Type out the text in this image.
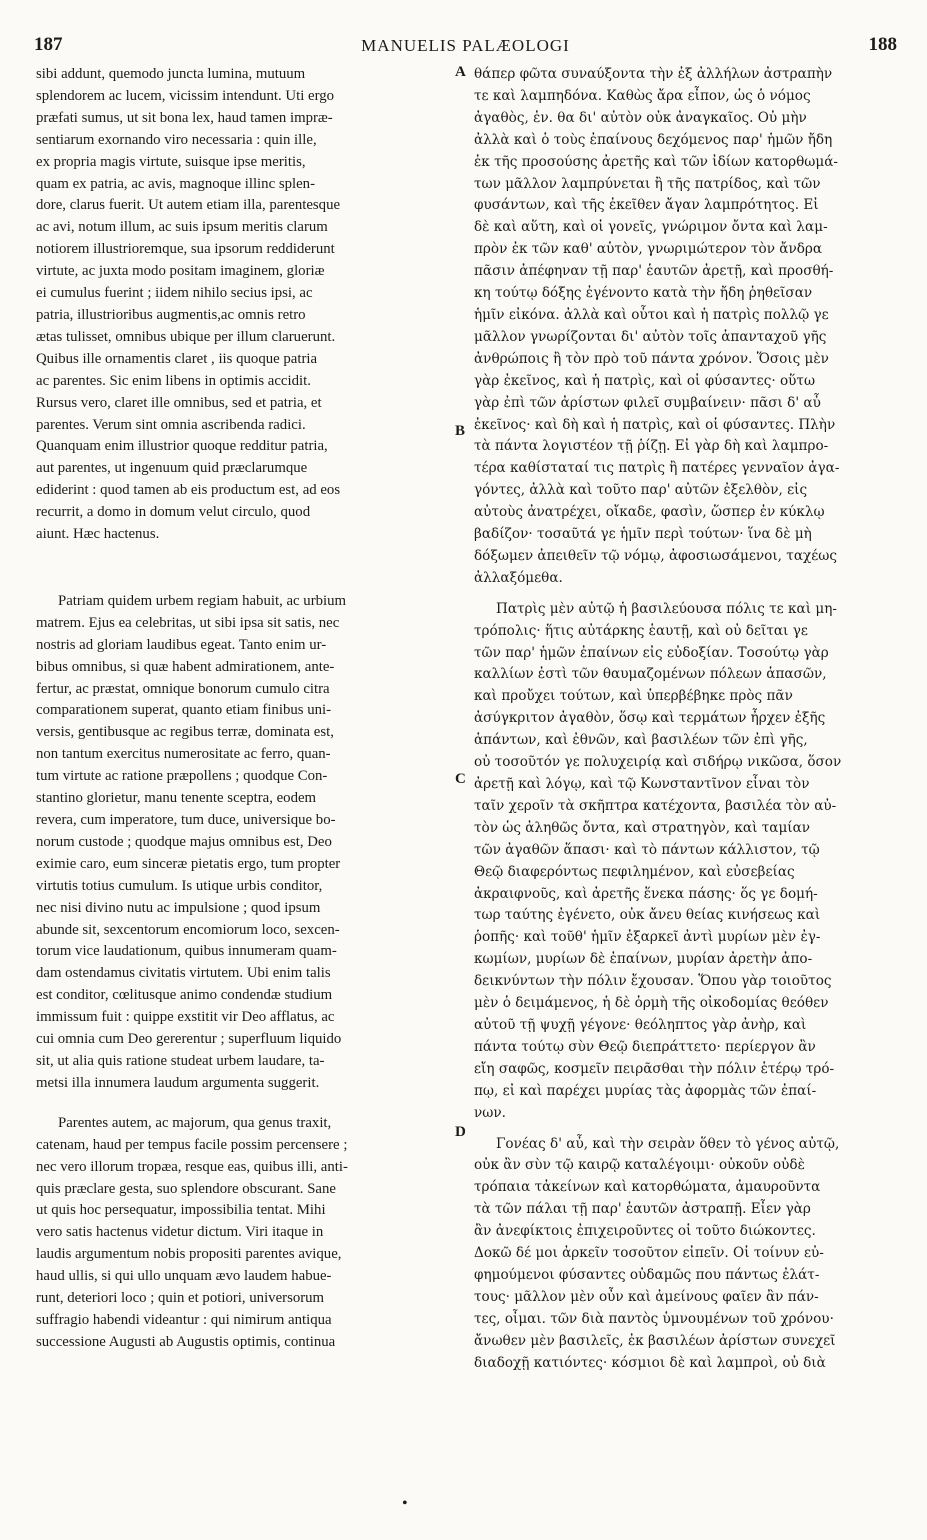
187	MANUELIS PALÆOLOGI	188
A
B
C
D
sibi addunt, quemodo juncta lumina, mutuum
splendorem ac lucem, vicissim intendunt. Uti ergo
præfati sumus, ut sit bona lex, haud tamen impræ-
sentiarum exornando viro necessaria : quin ille,
ex propria magis virtute, suisque ipse meritis,
quam ex patria, ac avis, magnoque illinc splen-
dore, clarus fuerit. Ut autem etiam illa, parentesque
ac avi, notum illum, ac suis ipsum meritis clarum
notiorem illustrioremque, sua ipsorum reddiderunt
virtute, ac juxta modo positam imaginem, gloriæ
ei cumulus fuerint ; iidem nihilo secius ipsi, ac
patria, illustrioribus augmentis,ac omnis retro
ætas tulisset, omnibus ubique per illum claruerunt.
Quibus ille ornamentis claret , iis quoque patria
ac parentes. Sic enim libens in optimis accidit.
Rursus vero, claret ille omnibus, sed et patria, et
parentes. Verum sint omnia ascribenda radici.
Quanquam enim illustrior quoque redditur patria,
aut parentes, ut ingenuum quid præclarumque
ediderint : quod tamen ab eis productum est, ad eos
recurrit, a domo in domum velut circulo, quod
aiunt. Hæc hactenus.
Patriam quidem urbem regiam habuit, ac urbium
matrem. Ejus ea celebritas, ut sibi ipsa sit satis, nec
nostris ad gloriam laudibus egeat. Tanto enim ur-
bibus omnibus, si quæ habent admirationem, ante-
fertur, ac præstat, omnique bonorum cumulo citra
comparationem superat, quanto etiam finibus uni-
versis, gentibusque ac regibus terræ, dominata est,
non tantum exercitus numerositate ac ferro, quan-
tum virtute ac ratione præpollens ; quodque Con-
stantino glorietur, manu tenente sceptra, eodem
revera, cum imperatore, tum duce, universique bo-
norum custode ; quodque majus omnibus est, Deo
eximie caro, eum sinceræ pietatis ergo, tum propter
virtutis totius cumulum. Is utique urbis conditor,
nec nisi divino nutu ac impulsione ; quod ipsum
abunde sit, sexcentorum encomiorum loco, sexcen-
torum vice laudationum, quibus innumeram quam-
dam ostendamus civitatis virtutem. Ubi enim talis
est conditor, cœlitusque animo condendæ studium
immissum fuit : quippe exstitit vir Deo afflatus, ac
cui omnia cum Deo gererentur ; superfluum liquido
sit, ut alia quis ratione studeat urbem laudare, ta-
metsi illa innumera laudum argumenta suggerit.
Parentes autem, ac majorum, qua genus traxit,
catenam, haud per tempus facile possim percensere ;
nec vero illorum tropæa, resque eas, quibus illi, anti-
quis præclare gesta, suo splendore obscurant. Sane
ut quis hoc persequatur, impossibilia tentat. Mihi
vero satis hactenus videtur dictum. Viri itaque in
laudis argumentum nobis propositi parentes avique,
haud ullis, si qui ullo unquam ævo laudem habue-
runt, deteriori loco ; quin et potiori, universorum
suffragio habendi videantur : qui nimirum antiqua
successione Augusti ab Augustis optimis, continua
θάπερ φῶτα συναύξοντα τὴν ἐξ ἀλλήλων ἀστραπὴν
τε καὶ λαμπηδόνα. Καθὼς ἄρα εἶπον, ὡς ὁ νόμος
ἀγαθὸς, ἐν. θα δι' αὐτὸν οὐκ ἀναγκαῖος. Οὐ μὴν
ἀλλὰ καὶ ὁ τοὺς ἐπαίνους δεχόμενος παρ' ἡμῶν ἤδη
ἐκ τῆς προσούσης ἀρετῆς καὶ τῶν ἰδίων κατορθωμά-
των μᾶλλον λαμπρύνεται ἢ τῆς πατρίδος, καὶ τῶν
φυσάντων, καὶ τῆς ἐκεῖθεν ἄγαν λαμπρότητος. Εἰ
δὲ καὶ αὕτη, καὶ οἱ γονεῖς, γνώριμον ὄντα καὶ λαμ-
πρὸν ἐκ τῶν καθ' αὑτὸν, γνωριμώτερον τὸν ἄνδρα
πᾶσιν ἀπέφηναν τῇ παρ' ἑαυτῶν ἀρετῇ, καὶ προσθή-
κη τούτῳ δόξης ἐγένοντο κατὰ τὴν ἤδη ῥηθεῖσαν
ἡμῖν εἰκόνα. ἀλλὰ καὶ οὗτοι καὶ ἡ πατρὶς πολλῷ γε
μᾶλλον γνωρίζονται δι' αὐτὸν τοῖς ἁπανταχοῦ γῆς
ἀνθρώποις ἢ τὸν πρὸ τοῦ πάντα χρόνον. Ὅσοις μὲν
γὰρ ἐκεῖνος, καὶ ἡ πατρὶς, καὶ οἱ φύσαντες· οὕτω
γὰρ ἐπὶ τῶν ἀρίστων φιλεῖ συμβαίνειν· πᾶσι δ' αὖ
ἐκεῖνος· καὶ δὴ καὶ ἡ πατρὶς, καὶ οἱ φύσαντες. Πλὴν
τὰ πάντα λογιστέον τῇ ῥίζῃ. Εἰ γὰρ δὴ καὶ λαμπρο-
τέρα καθίσταταί τις πατρὶς ἢ πατέρες γενναῖον ἀγα-
γόντες, ἀλλὰ καὶ τοῦτο παρ' αὐτῶν ἐξελθὸν, εἰς
αὐτοὺς ἀνατρέχει, οἴκαδε, φασὶν, ὥσπερ ἐν κύκλῳ
βαδίζον· τοσαῦτά γε ἡμῖν περὶ τούτων· ἵνα δὲ μὴ
δόξωμεν ἀπειθεῖν τῷ νόμῳ, ἀφοσιωσάμενοι, ταχέως
ἀλλαξόμεθα.
Πατρὶς μὲν αὐτῷ ἡ βασιλεύουσα πόλις τε καὶ μη-
τρόπολις· ἥτις αὐτάρκης ἑαυτῇ, καὶ οὐ δεῖται γε
τῶν παρ' ἡμῶν ἐπαίνων εἰς εὐδοξίαν. Τοσούτῳ γὰρ
καλλίων ἐστὶ τῶν θαυμαζομένων πόλεων ἁπασῶν,
καὶ προὔχει τούτων, καὶ ὑπερβέβηκε πρὸς πᾶν
ἀσύγκριτον ἀγαθὸν, ὅσῳ καὶ τερμάτων ἦρχεν ἐξῆς
ἁπάντων, καὶ ἐθνῶν, καὶ βασιλέων τῶν ἐπὶ γῆς,
οὐ τοσοῦτόν γε πολυχειρίᾳ καὶ σιδήρῳ νικῶσα, ὅσον
ἀρετῇ καὶ λόγῳ, καὶ τῷ Κωνσταντῖνον εἶναι τὸν
ταῖν χεροῖν τὰ σκῆπτρα κατέχοντα, βασιλέα τὸν αὐ-
τὸν ὡς ἀληθῶς ὄντα, καὶ στρατηγὸν, καὶ ταμίαν
τῶν ἀγαθῶν ἅπασι· καὶ τὸ πάντων κάλλιστον, τῷ
Θεῷ διαφερόντως πεφιλημένον, καὶ εὐσεβείας
ἀκραιφνοῦς, καὶ ἀρετῆς ἕνεκα πάσης· ὅς γε δομή-
τωρ ταύτης ἐγένετο, οὐκ ἄνευ θείας κινήσεως καὶ
ῥοπῆς· καὶ τοῦθ' ἡμῖν ἐξαρκεῖ ἀντὶ μυρίων μὲν ἐγ-
κωμίων, μυρίων δὲ ἐπαίνων, μυρίαν ἀρετὴν ἀπο-
δεικνύντων τὴν πόλιν ἔχουσαν. Ὅπου γὰρ τοιοῦτος
μὲν ὁ δειμάμενος, ἡ δὲ ὁρμὴ τῆς οἰκοδομίας θεόθεν
αὐτοῦ τῇ ψυχῇ γέγονε· θεόληπτος γὰρ ἀνὴρ, καὶ
πάντα τούτῳ σὺν Θεῷ διεπράττετο· περίεργον ἂν
εἴη σαφῶς, κοσμεῖν πειρᾶσθαι τὴν πόλιν ἑτέρῳ τρό-
πῳ, εἰ καὶ παρέχει μυρίας τὰς ἀφορμὰς τῶν ἐπαί-
νων.
Γονέας δ' αὖ, καὶ τὴν σειρὰν ὅθεν τὸ γένος αὐτῷ,
οὐκ ἂν σὺν τῷ καιρῷ καταλέγοιμι· οὐκοῦν οὐδὲ
τρόπαια τἀκείνων καὶ κατορθώματα, ἀμαυροῦντα
τὰ τῶν πάλαι τῇ παρ' ἑαυτῶν ἀστραπῇ. Εἶεν γὰρ
ἂν ἀνεφίκτοις ἐπιχειροῦντες οἱ τοῦτο διώκοντες.
Δοκῶ δέ μοι ἀρκεῖν τοσοῦτον εἰπεῖν. Οἱ τοίνυν εὐ-
φημούμενοι φύσαντες οὐδαμῶς που πάντως ἐλάτ-
τους· μᾶλλον μὲν οὖν καὶ ἀμείνους φαῖεν ἂν πάν-
τες, οἶμαι. τῶν διὰ παντὸς ὑμνουμένων τοῦ χρόνου·
ἄνωθεν μὲν βασιλεῖς, ἐκ βασιλέων ἀρίστων συνεχεῖ
διαδοχῇ κατιόντες· κόσμιοι δὲ καὶ λαμπροὶ, οὐ διὰ
•
